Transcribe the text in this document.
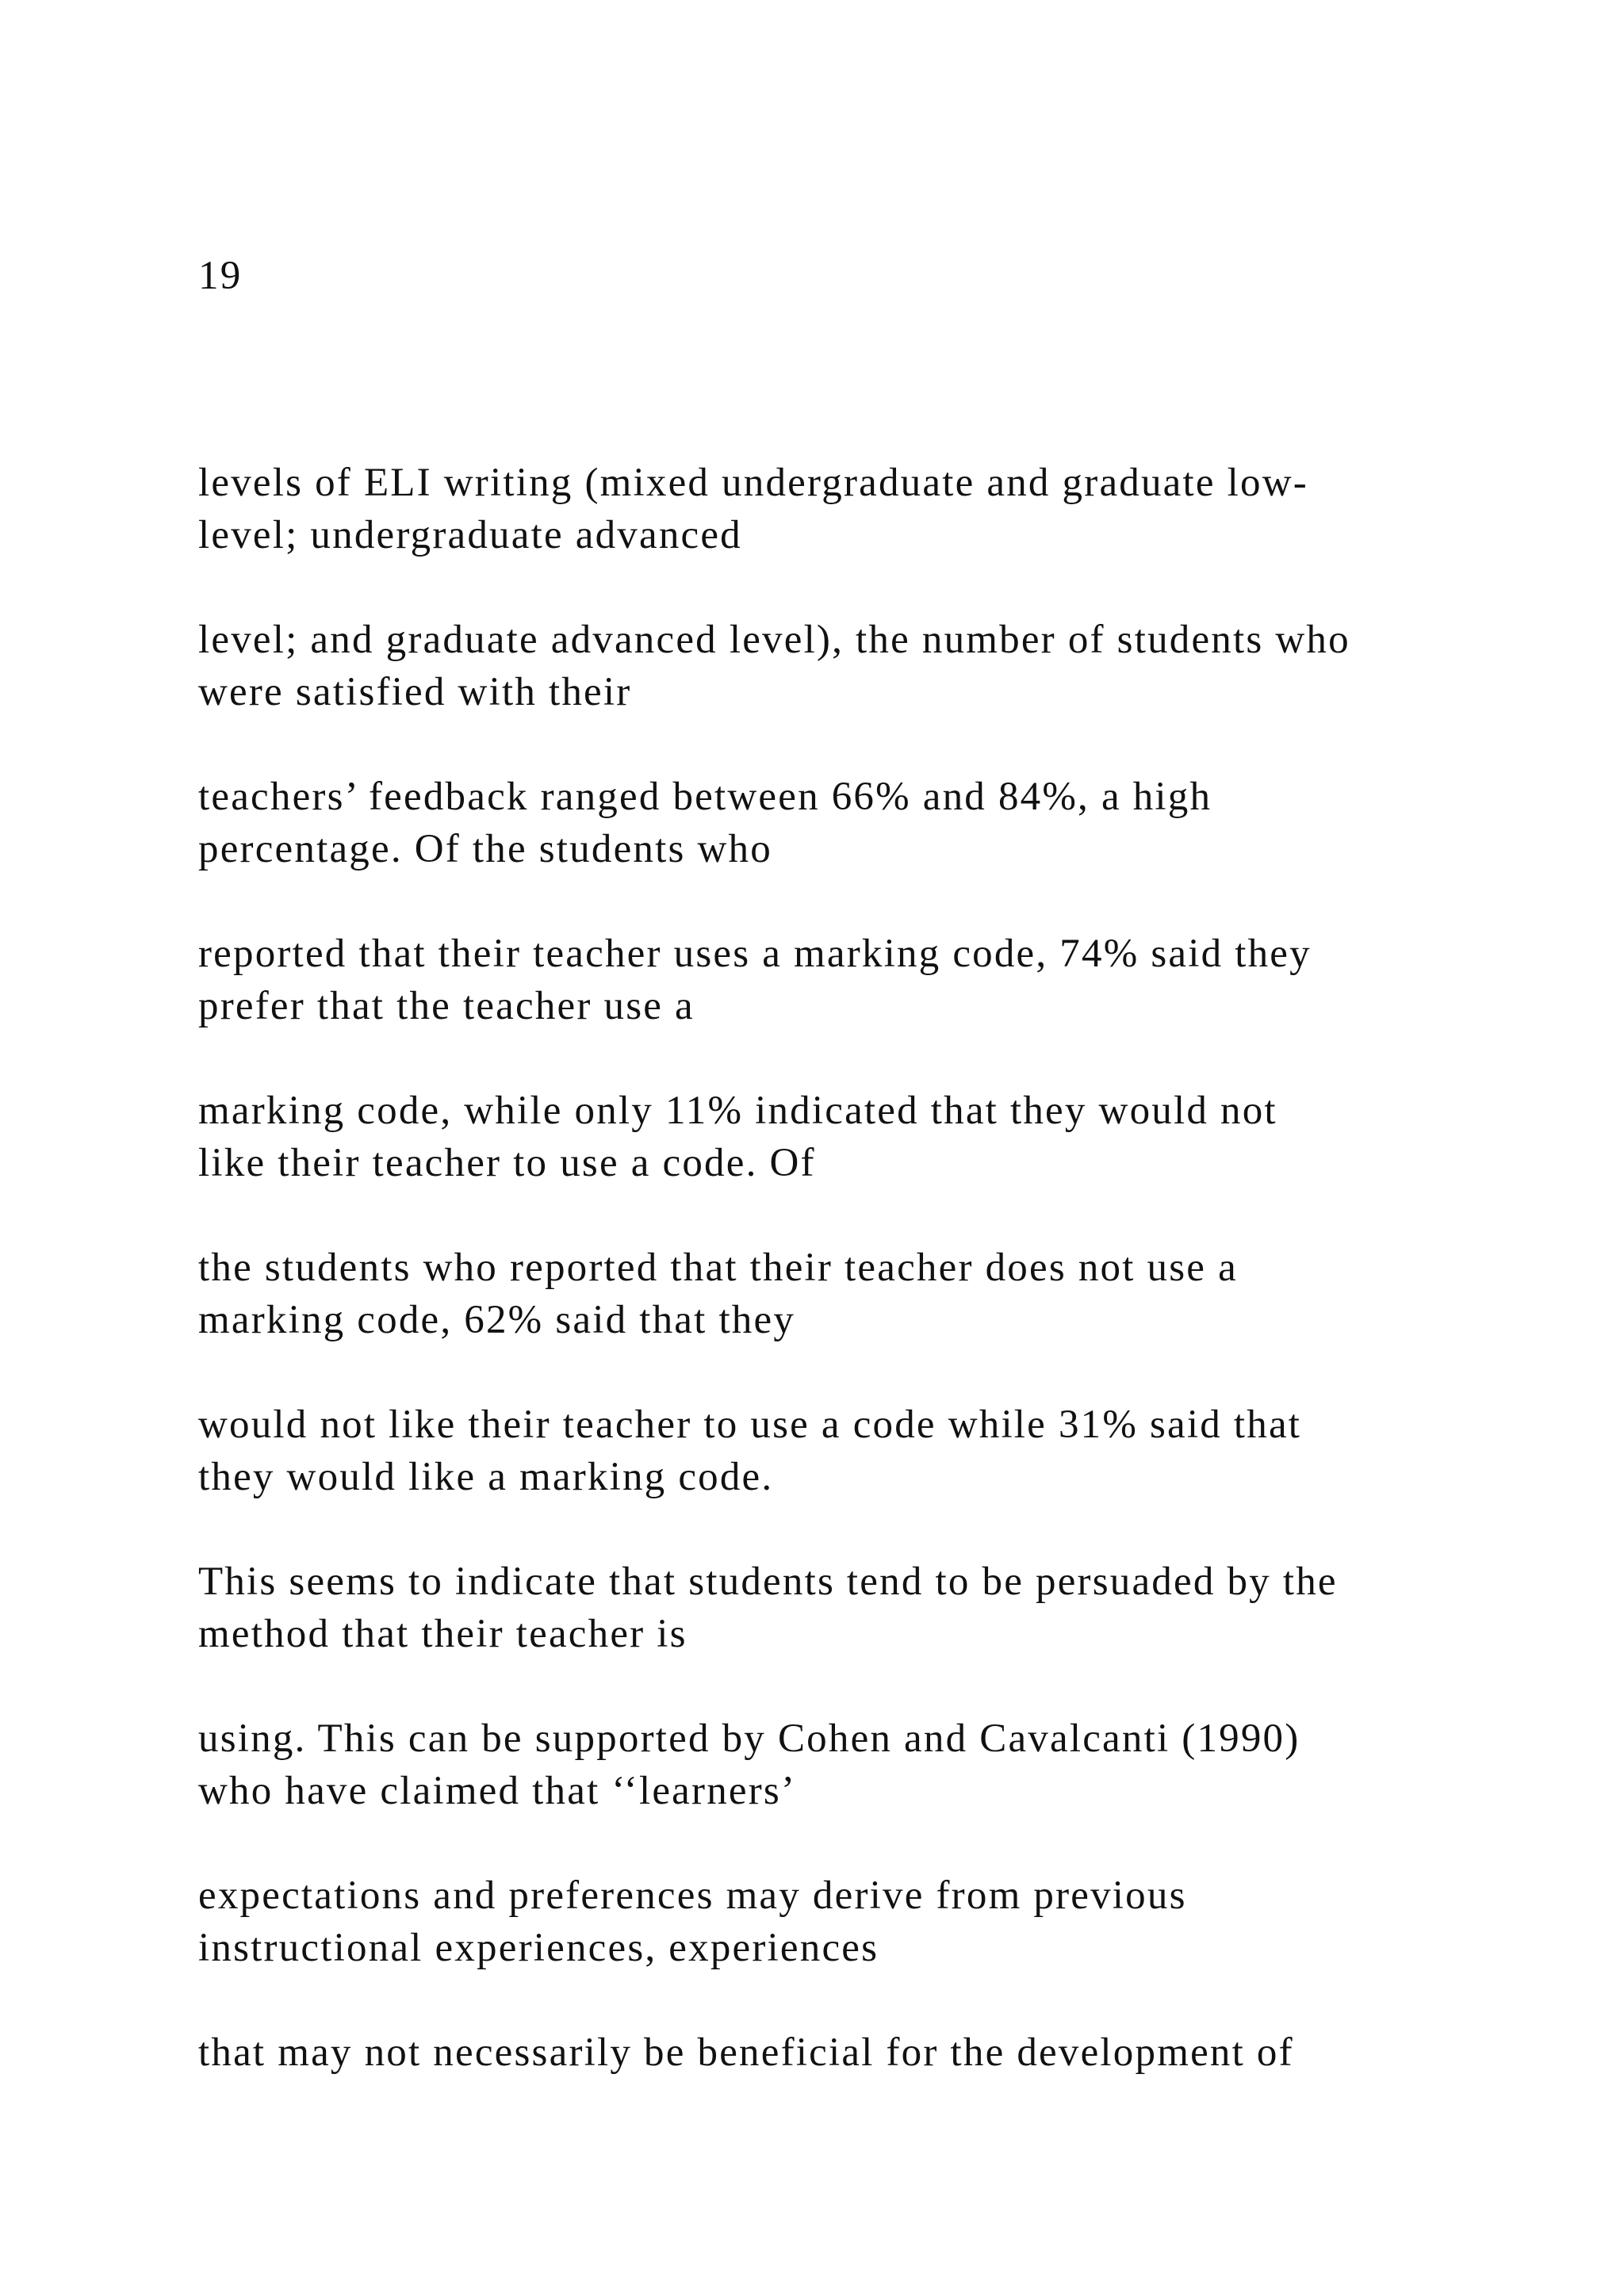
19

levels of ELI writing (mixed undergraduate and graduate low-
level; undergraduate advanced

level; and graduate advanced level), the number of students who
were satisfied with their

teachers’ feedback ranged between 66% and 84%, a high
percentage. Of the students who

reported that their teacher uses a marking code, 74% said they
prefer that the teacher use a

marking code, while only 11% indicated that they would not
like their teacher to use a code. Of

the students who reported that their teacher does not use a
marking code, 62% said that they

would not like their teacher to use a code while 31% said that
they would like a marking code.

This seems to indicate that students tend to be persuaded by the
method that their teacher is

using. This can be supported by Cohen and Cavalcanti (1990)
who have claimed that ‘‘learners’

expectations and preferences may derive from previous
instructional experiences, experiences

that may not necessarily be beneficial for the development of
